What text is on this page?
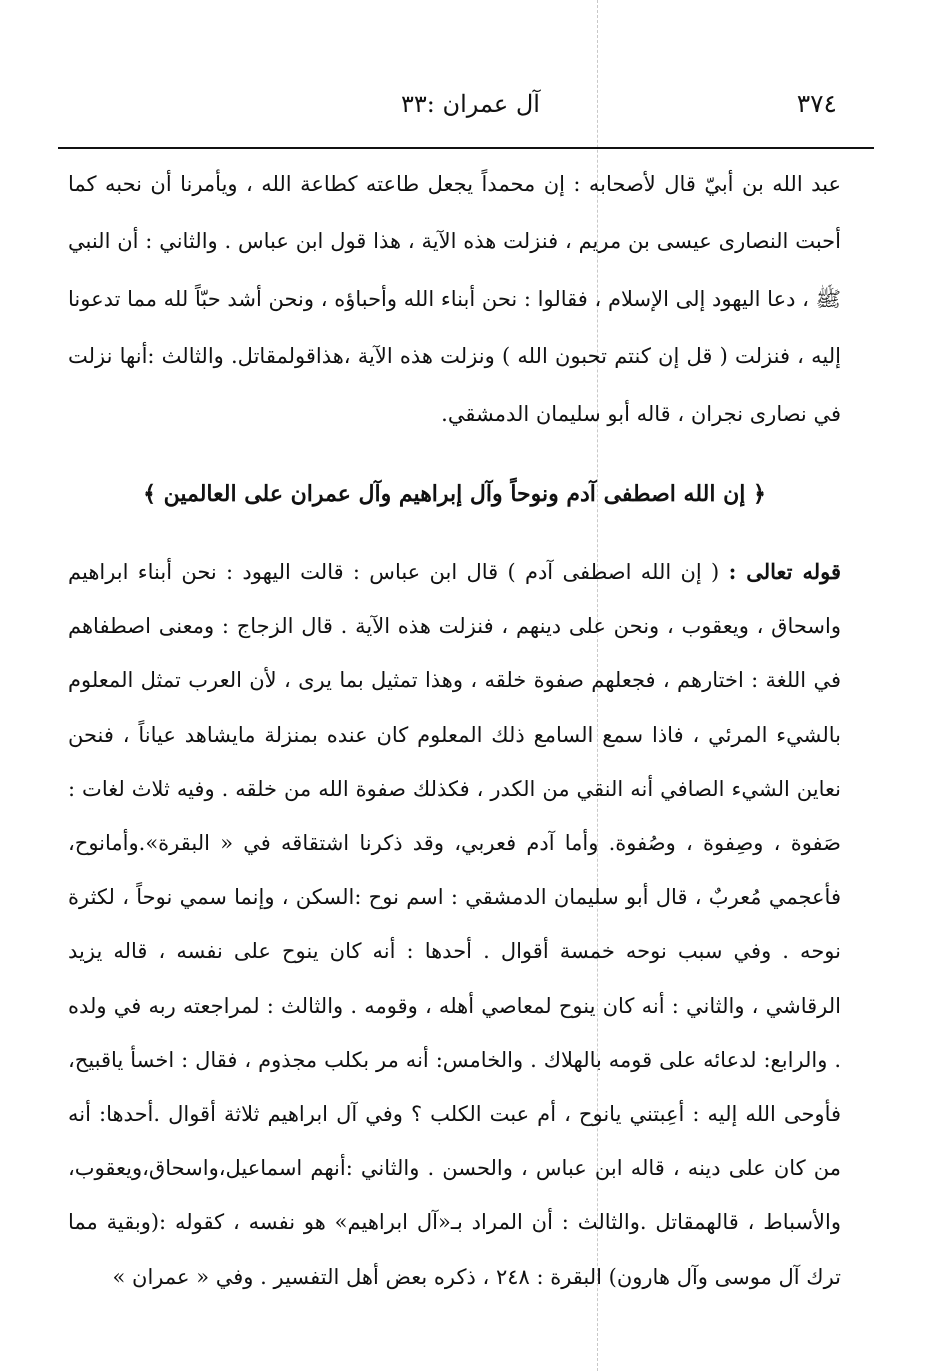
٣٧٤
آل عمران :٣٣

عبد الله بن أبيّ قال لأصحابه : إن محمداً يجعل طاعته كطاعة الله ، ويأمرنا أن نحبه كما أحبت النصارى عيسى بن مريم ، فنزلت هذه الآية ، هذا قول ابن عباس . والثاني : أن النبي ﷺ ، دعا اليهود إلى الإسلام ، فقالوا : نحن أبناء الله وأحباؤه ، ونحن أشد حبّاً لله مما تدعونا إليه ، فنزلت ( قل إن كنتم تحبون الله ) ونزلت هذه الآية ،هذاقولمقاتل. والثالث :أنها نزلت في نصارى نجران ، قاله أبو سليمان الدمشقي.

﴿ إن الله اصطفى آدم ونوحاً وآل إبراهيم وآل عمران على العالمين ﴾

قوله تعالى : ( إن الله اصطفى آدم ) قال ابن عباس : قالت اليهود : نحن أبناء ابراهيم واسحاق ، ويعقوب ، ونحن على دينهم ، فنزلت هذه الآية . قال الزجاج : ومعنى اصطفاهم في اللغة : اختارهم ، فجعلهم صفوة خلقه ، وهذا تمثيل بما يرى ، لأن العرب تمثل المعلوم بالشيء المرئي ، فاذا سمع السامع ذلك المعلوم كان عنده بمنزلة مايشاهد عياناً ، فنحن نعاين الشيء الصافي أنه النقي من الكدر ، فكذلك صفوة الله من خلقه . وفيه ثلاث لغات : صَفوة ، وصِفوة ، وصُفوة. وأما آدم فعربي، وقد ذكرنا اشتقاقه في « البقرة».وأمانوح، فأعجمي مُعربٌ ، قال أبو سليمان الدمشقي : اسم نوح :السكن ، وإنما سمي نوحاً ، لكثرة نوحه . وفي سبب نوحه خمسة أقوال . أحدها : أنه كان ينوح على نفسه ، قاله يزيد الرقاشي ، والثاني : أنه كان ينوح لمعاصي أهله ، وقومه . والثالث : لمراجعته ربه في ولده . والرابع: لدعائه على قومه بالهلاك . والخامس: أنه مر بكلب مجذوم ، فقال : اخسأ ياقبيح، فأوحى الله إليه : أعِبتني يانوح ، أم عبت الكلب ؟ وفي آل ابراهيم ثلاثة أقوال .أحدها: أنه من كان على دينه ، قاله ابن عباس ، والحسن . والثاني :أنهم اسماعيل،واسحاق،ويعقوب، والأسباط ، قالهمقاتل .والثالث : أن المراد بـ«آل ابراهيم» هو نفسه ، كقوله :(وبقية مما ترك آل موسى وآل هارون) البقرة : ٢٤٨ ، ذكره بعض أهل التفسير . وفي « عمران »
